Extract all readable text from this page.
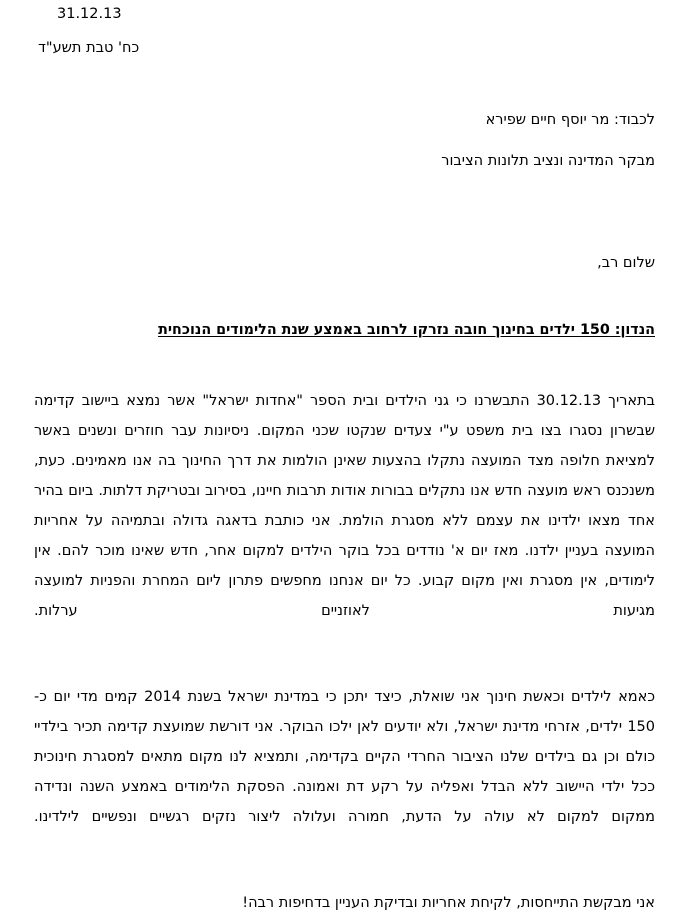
31.12.13
כח' טבת תשע"ד
לכבוד: מר יוסף חיים שפירא
מבקר המדינה ונציב תלונות הציבור
שלום רב,
הנדון: 150 ילדים בחינוך חובה נזרקו לרחוב באמצע שנת הלימודים הנוכחית

בתאריך 30.12.13 התבשרנו כי גני הילדים ובית הספר "אחדות ישראל" אשר נמצא ביישוב קדימה שבשרון נסגרו בצו בית משפט ע"י צעדים שנקטו שכני המקום. ניסיונות עבר חוזרים ונשנים באשר למציאת חלופה מצד המועצה נתקלו בהצעות שאינן הולמות את דרך החינוך בה אנו מאמינים. כעת, משנכנס ראש מועצה חדש אנו נתקלים בבורות אודות תרבות חיינו, בסירוב ובטריקת דלתות. ביום בהיר אחד מצאו ילדינו את עצמם ללא מסגרת הולמת. אני כותבת בדאגה גדולה ובתמיהה על אחריות המועצה בעניין ילדנו. מאז יום א' נודדים בכל בוקר הילדים למקום אחר, חדש שאינו מוכר להם. אין לימודים, אין מסגרת ואין מקום קבוע. כל יום אנחנו מחפשים פתרון ליום המחרת והפניות למועצה מגיעות לאוזניים ערלות.

כאמא לילדים וכאשת חינוך אני שואלת, כיצד יתכן כי במדינת ישראל בשנת 2014 קמים מדי יום כ- 150 ילדים, אזרחי מדינת ישראל, ולא יודעים לאן ילכו הבוקר. אני דורשת שמועצת קדימה תכיר בילדיי כולם וכן גם בילדים שלנו הציבור החרדי הקיים בקדימה, ותמציא לנו מקום מתאים למסגרת חינוכית ככל ילדי היישוב ללא הבדל ואפליה על רקע דת ואמונה. הפסקת הלימודים באמצע השנה ונדידה ממקום למקום לא עולה על הדעת, חמורה ועלולה ליצור נזקים רגשיים ונפשיים לילדינו.

אני מבקשת התייחסות, לקיחת אחריות ובדיקת העניין בדחיפות רבה!
